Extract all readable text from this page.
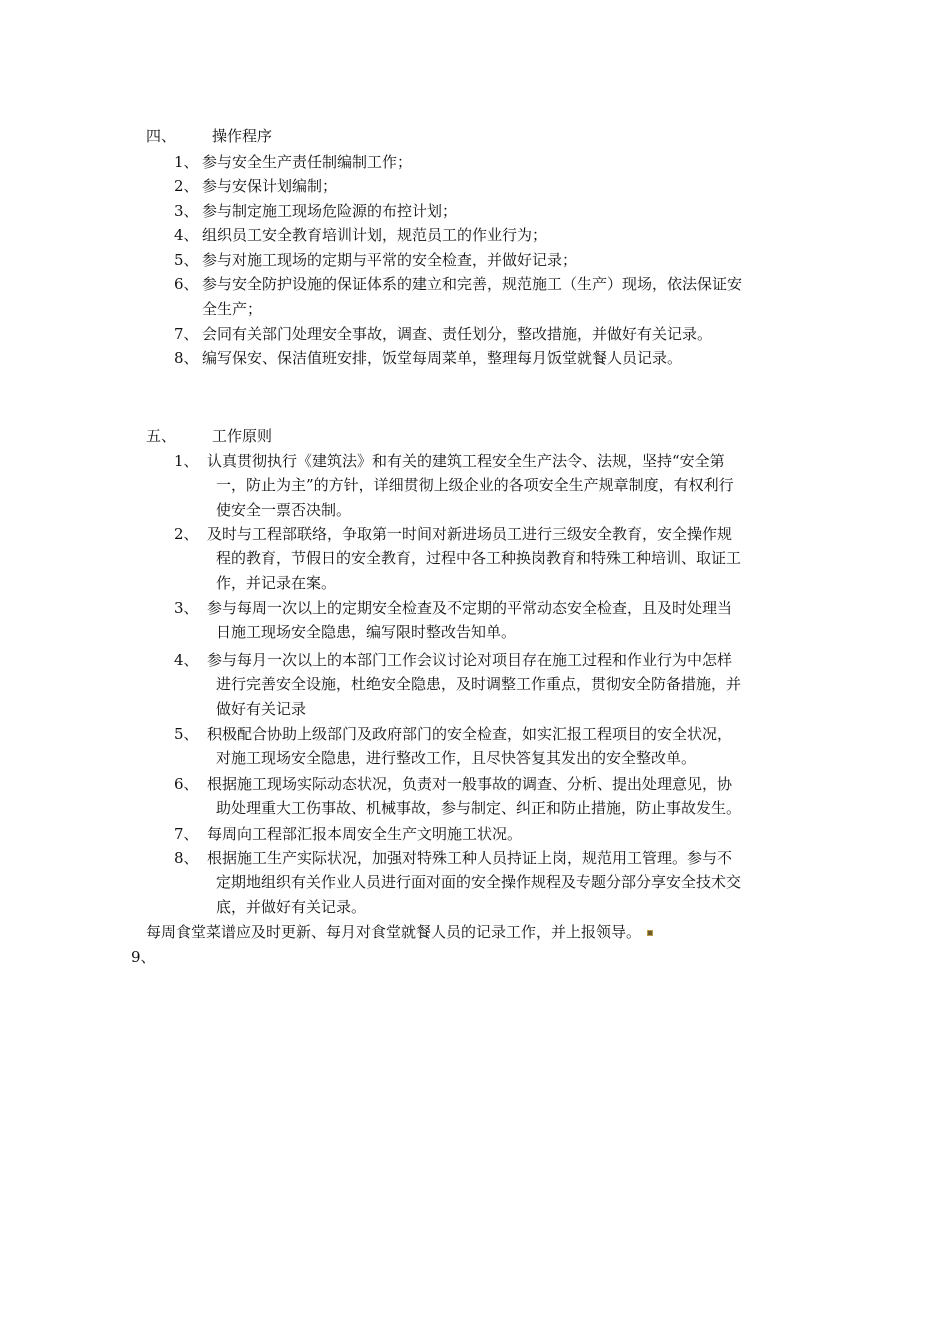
四、 操作程序
1、 参与安全生产责任制编制工作；
2、 参与安保计划编制；
3、 参与制定施工现场危险源的布控计划；
4、 组织员工安全教育培训计划，规范员工的作业行为；
5、 参与对施工现场的定期与平常的安全检查，并做好记录；
6、 参与安全防护设施的保证体系的建立和完善，规范施工（生产）现场，依法保证安
全生产；
7、 会同有关部门处理安全事故，调查、责任划分，整改措施，并做好有关记录。
8、 编写保安、保洁值班安排，饭堂每周菜单，整理每月饭堂就餐人员记录。
五、 工作原则
1、 认真贯彻执行《建筑法》和有关的建筑工程安全生产法令、法规，坚持“安全第
一，防止为主”的方针，详细贯彻上级企业的各项安全生产规章制度，有权利行
使安全一票否决制。
2、 及时与工程部联络，争取第一时间对新进场员工进行三级安全教育，安全操作规
程的教育，节假日的安全教育，过程中各工种换岗教育和特殊工种培训、取证工
作，并记录在案。
3、 参与每周一次以上的定期安全检查及不定期的平常动态安全检查，且及时处理当
日施工现场安全隐患，编写限时整改告知单。
4、 参与每月一次以上的本部门工作会议讨论对项目存在施工过程和作业行为中怎样
进行完善安全设施，杜绝安全隐患，及时调整工作重点，贯彻安全防备措施，并
做好有关记录
5、 积极配合协助上级部门及政府部门的安全检查，如实汇报工程项目的安全状况，
对施工现场安全隐患，进行整改工作，且尽快答复其发出的安全整改单。
6、 根据施工现场实际动态状况，负责对一般事故的调查、分析、提出处理意见，协
助处理重大工伤事故、机械事故，参与制定、纠正和防止措施，防止事故发生。
7、 每周向工程部汇报本周安全生产文明施工状况。
8、 根据施工生产实际状况，加强对特殊工种人员持证上岗，规范用工管理。参与不
定期地组织有关作业人员进行面对面的安全操作规程及专题分部分享安全技术交
底，并做好有关记录。
每周食堂菜谱应及时更新、每月对食堂就餐人员的记录工作，并上报领导。
9、
